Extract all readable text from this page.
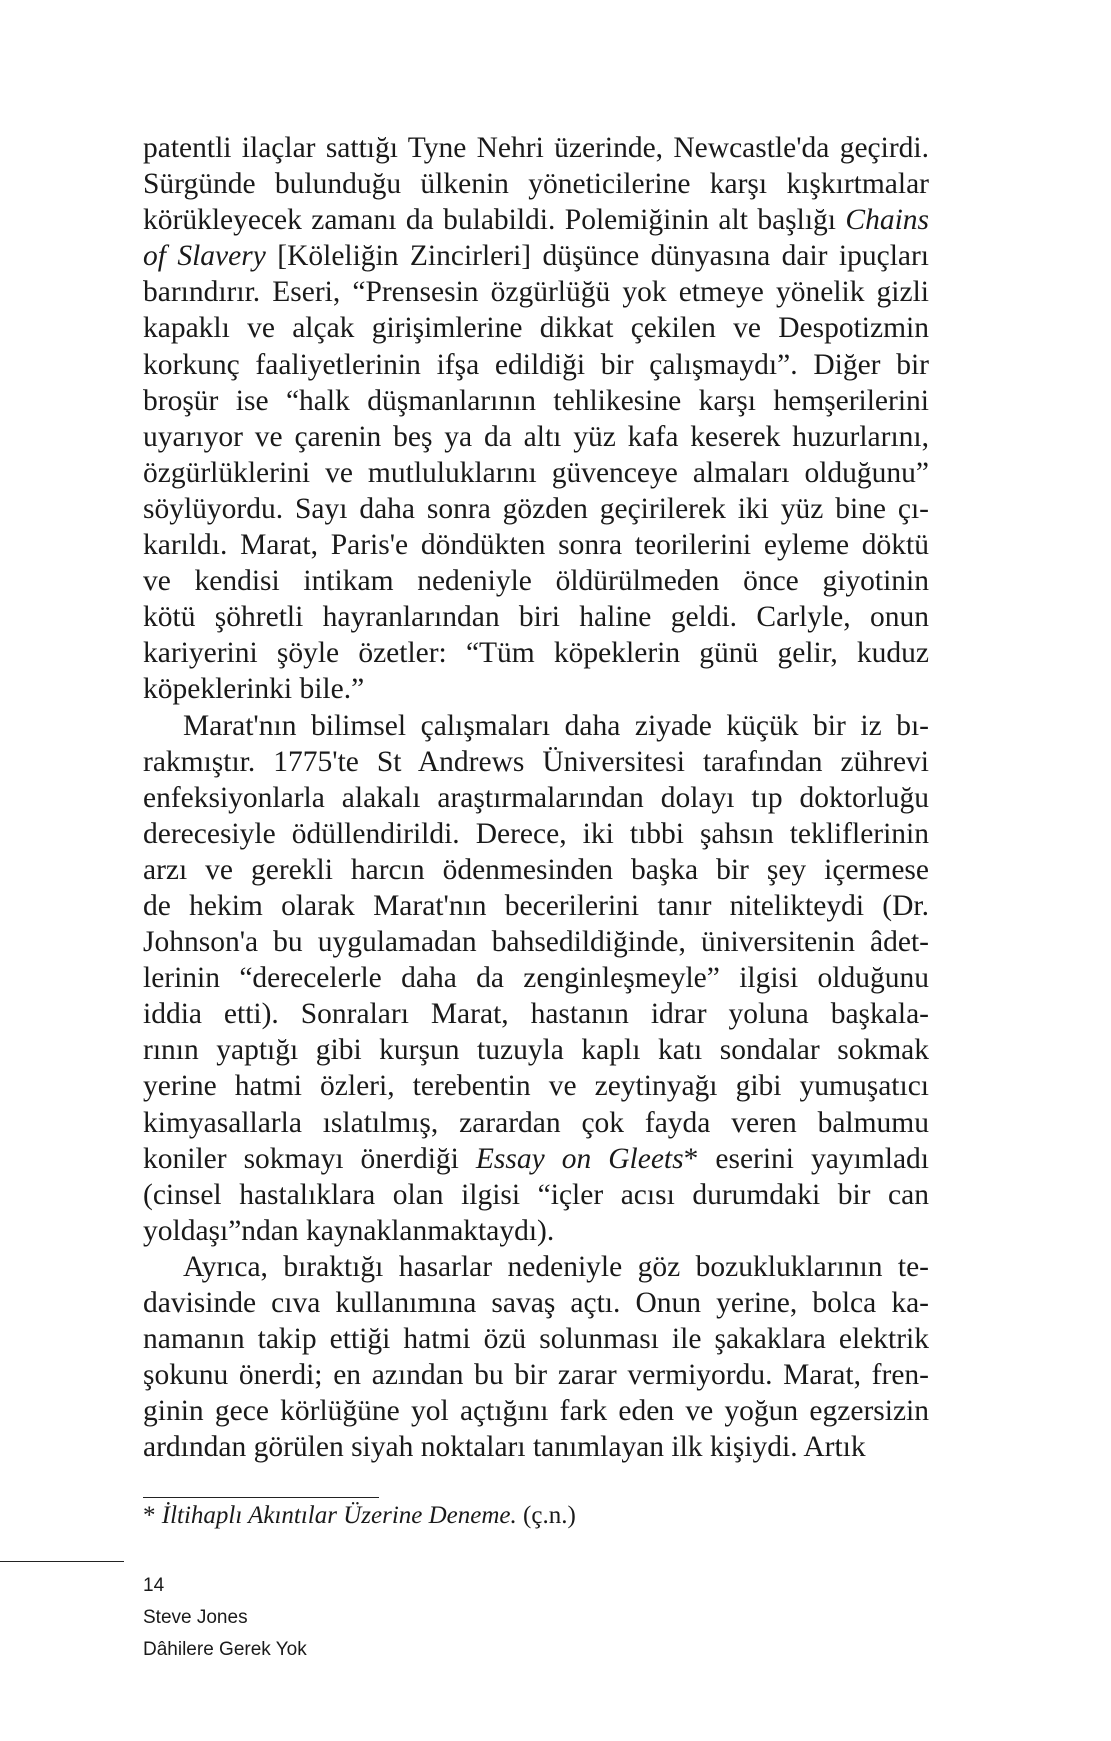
patentli ilaçlar sattığı Tyne Nehri üzerinde, Newcastle'da geçirdi.
Sürgünde bulunduğu ülkenin yöneticilerine karşı kışkırtmalar
körükleyecek zamanı da bulabildi. Polemiğinin alt başlığı Chains
of Slavery [Köleliğin Zincirleri] düşünce dünyasına dair ipuçları
barındırır. Eseri, “Prensesin özgürlüğü yok etmeye yönelik gizli
kapaklı ve alçak girişimlerine dikkat çekilen ve Despotizmin
korkunç faaliyetlerinin ifşa edildiği bir çalışmaydı”. Diğer bir
broşür ise “halk düşmanlarının tehlikesine karşı hemşerilerini
uyarıyor ve çarenin beş ya da altı yüz kafa keserek huzurlarını,
özgürlüklerini ve mutluluklarını güvenceye almaları olduğunu”
söylüyordu. Sayı daha sonra gözden geçirilerek iki yüz bine çı-
karıldı. Marat, Paris'e döndükten sonra teorilerini eyleme döktü
ve kendisi intikam nedeniyle öldürülmeden önce giyotinin
kötü şöhretli hayranlarından biri haline geldi. Carlyle, onun
kariyerini şöyle özetler: “Tüm köpeklerin günü gelir, kuduz
köpeklerinki bile.”
Marat'nın bilimsel çalışmaları daha ziyade küçük bir iz bı-
rakmıştır. 1775'te St Andrews Üniversitesi tarafından zührevi
enfeksiyonlarla alakalı araştırmalarından dolayı tıp doktorluğu
derecesiyle ödüllendirildi. Derece, iki tıbbi şahsın tekliflerinin
arzı ve gerekli harcın ödenmesinden başka bir şey içermese
de hekim olarak Marat'nın becerilerini tanır nitelikteydi (Dr.
Johnson'a bu uygulamadan bahsedildiğinde, üniversitenin âdet-
lerinin “derecelerle daha da zenginleşmeyle” ilgisi olduğunu
iddia etti). Sonraları Marat, hastanın idrar yoluna başkala-
rının yaptığı gibi kurşun tuzuyla kaplı katı sondalar sokmak
yerine hatmi özleri, terebentin ve zeytinyağı gibi yumuşatıcı
kimyasallarla ıslatılmış, zarardan çok fayda veren balmumu
koniler sokmayı önerdiği Essay on Gleets* eserini yayımladı
(cinsel hastalıklara olan ilgisi “içler acısı durumdaki bir can
yoldaşı”ndan kaynaklanmaktaydı).
Ayrıca, bıraktığı hasarlar nedeniyle göz bozukluklarının te-
davisinde cıva kullanımına savaş açtı. Onun yerine, bolca ka-
namanın takip ettiği hatmi özü solunması ile şakaklara elektrik
şokunu önerdi; en azından bu bir zarar vermiyordu. Marat, fren-
ginin gece körlüğüne yol açtığını fark eden ve yoğun egzersizin
ardından görülen siyah noktaları tanımlayan ilk kişiydi. Artık
* İltihaplı Akıntılar Üzerine Deneme. (ç.n.)
14
Steve Jones
Dâhilere Gerek Yok
